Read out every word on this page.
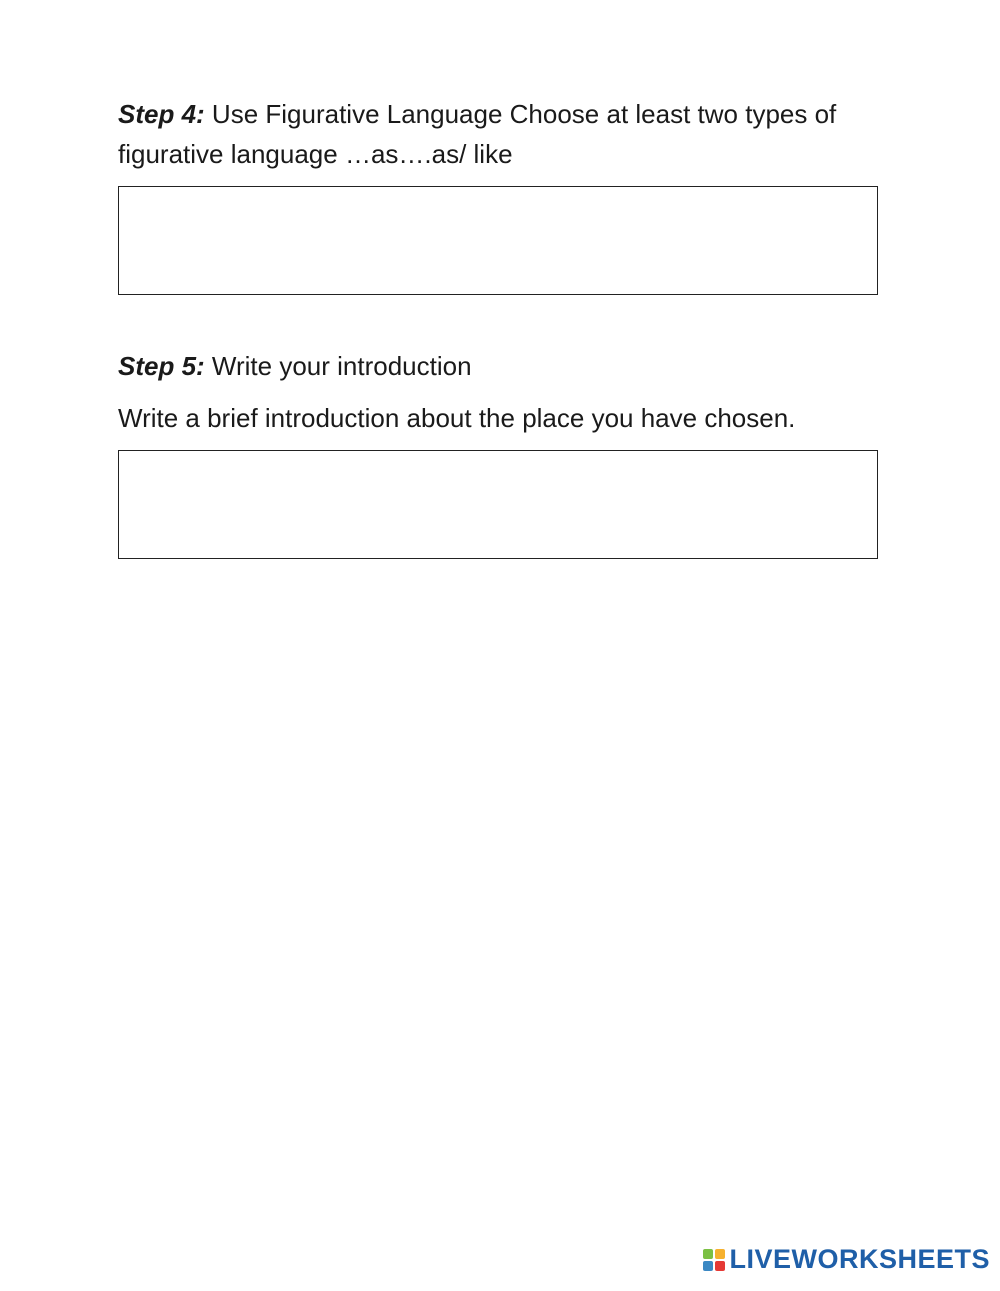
Step 4: Use Figurative Language Choose at least two types of figurative language …as….as/ like

Step 5: Write your introduction

Write a brief introduction about the place you have chosen.

LIVEWORKSHEETS
